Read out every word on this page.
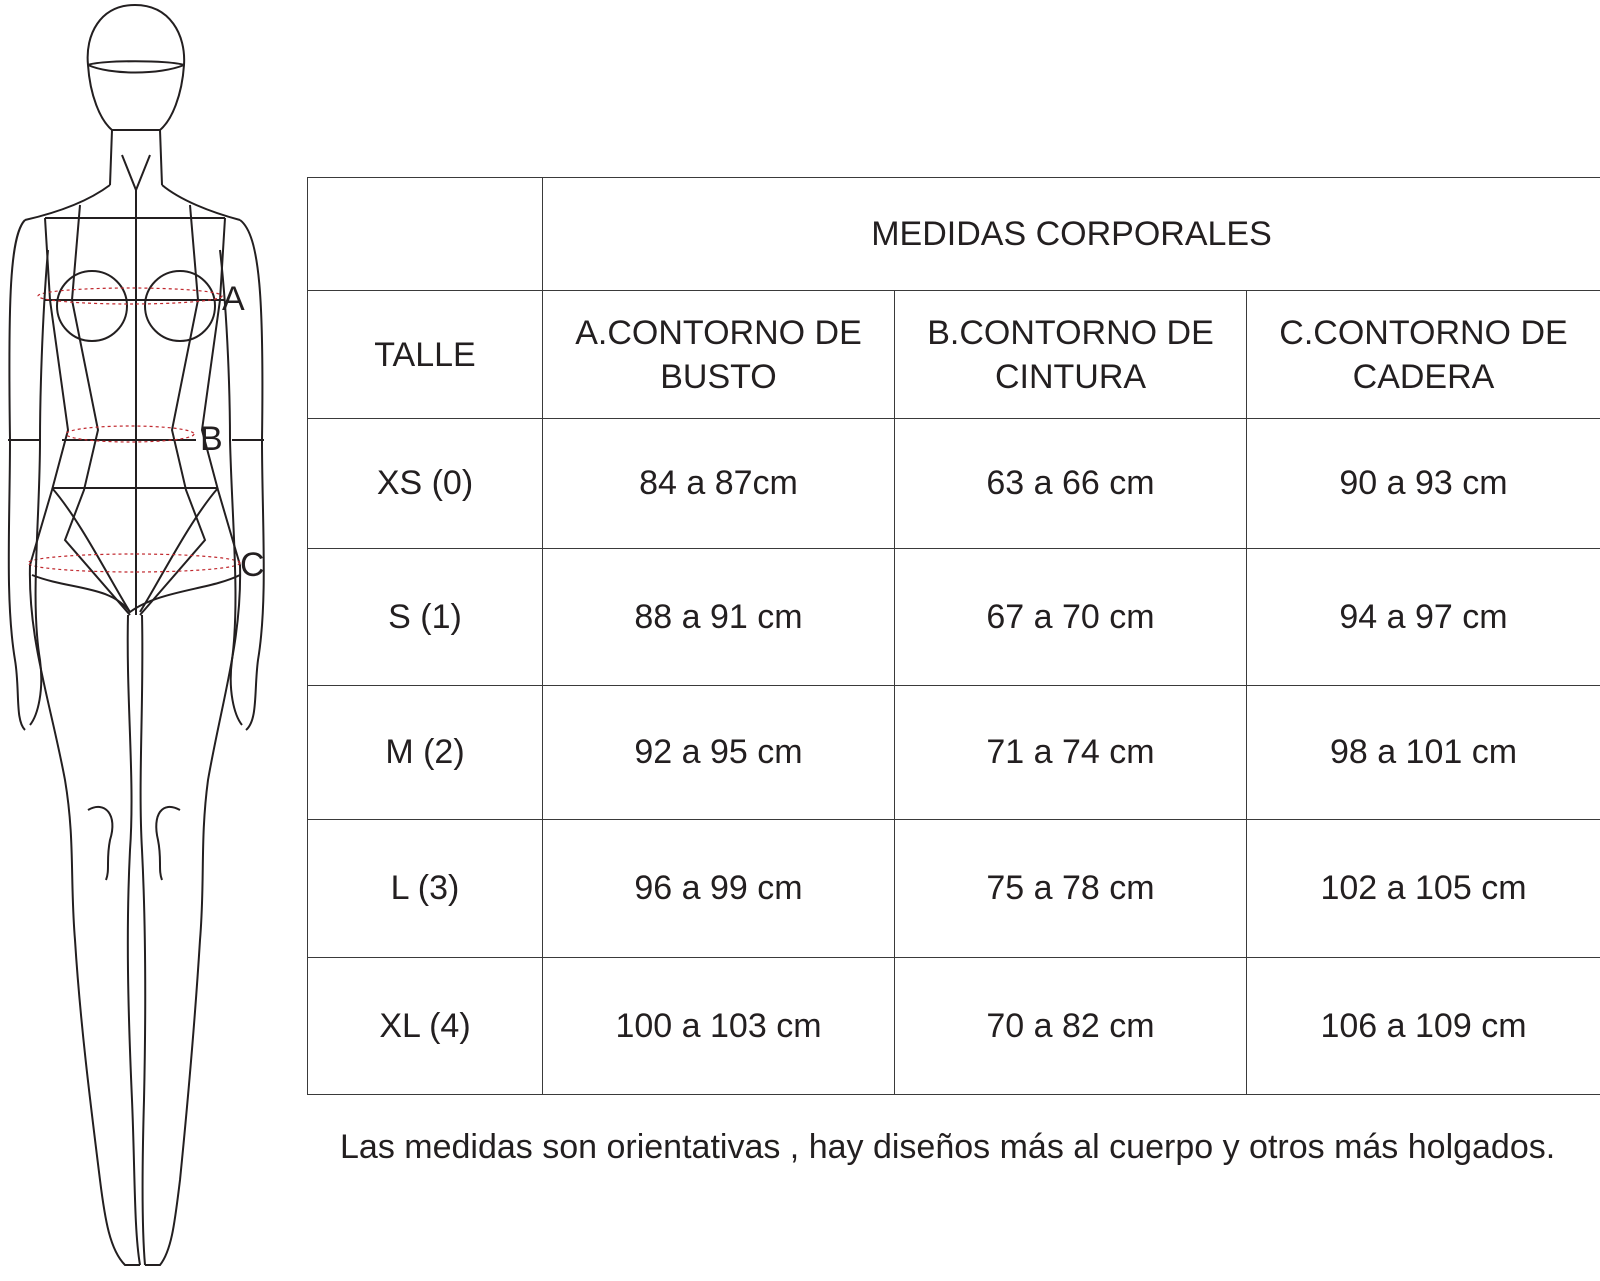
A
B
C
	MEDIDAS CORPORALES		
TALLE	A.CONTORNO DE BUSTO	B.CONTORNO DE CINTURA	C.CONTORNO DE CADERA
XS (0)	84 a 87cm	63 a 66 cm	90 a 93 cm
S (1)	88 a 91 cm	67 a 70 cm	94 a 97 cm
M (2)	92 a 95 cm	71 a 74 cm	98 a 101 cm
L (3)	96 a 99 cm	75 a 78 cm	102 a 105 cm
XL (4)	100 a 103 cm	70 a 82 cm	106 a 109 cm
Las medidas son orientativas , hay diseños más al cuerpo y otros más holgados.
